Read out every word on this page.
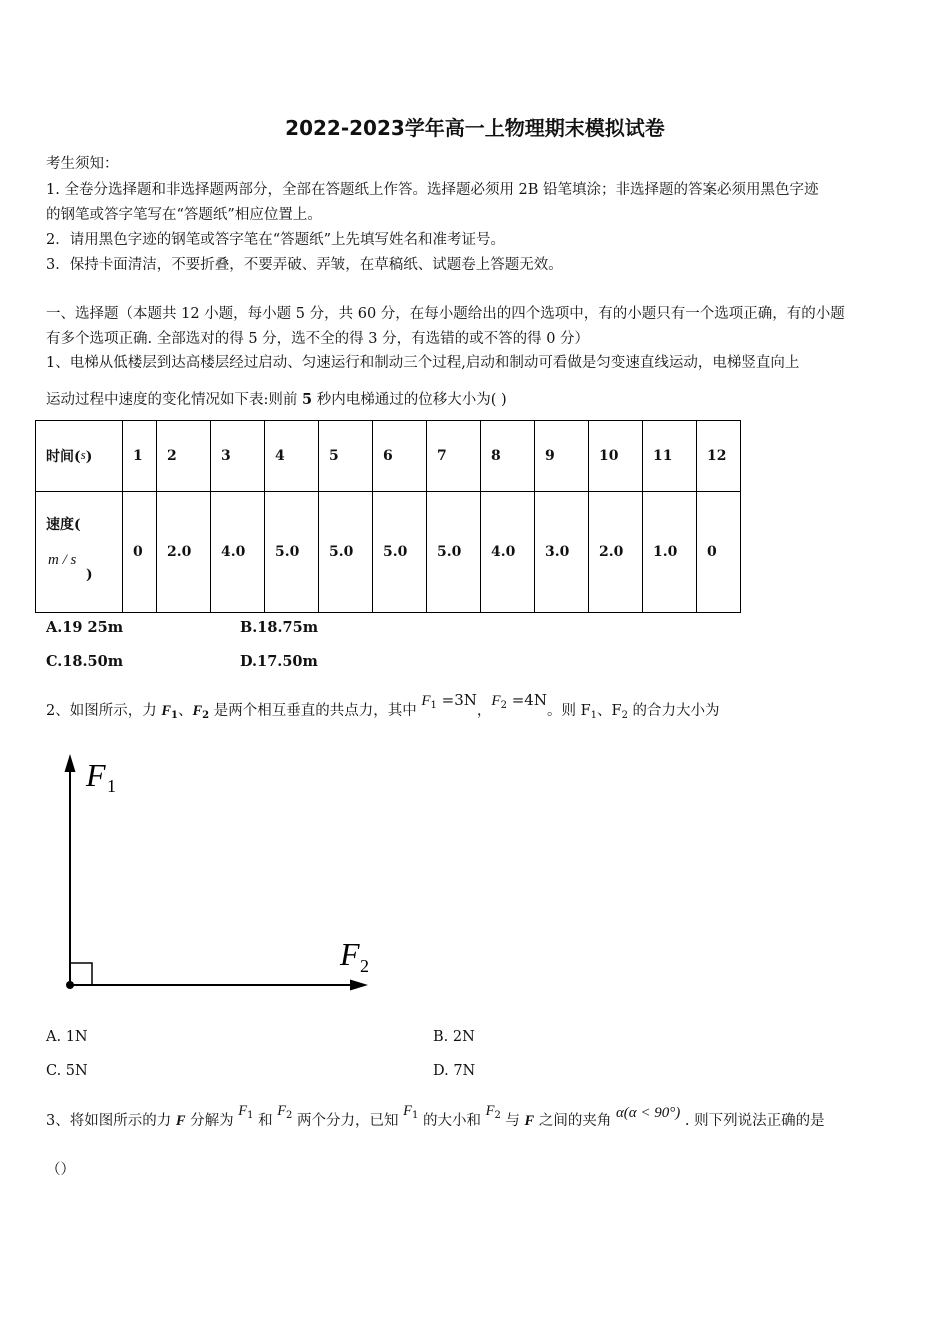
2022-2023学年高一上物理期末模拟试卷
考生须知：
1. 全卷分选择题和非选择题两部分，全部在答题纸上作答。选择题必须用 2B 铅笔填涂；非选择题的答案必须用黑色字迹
的钢笔或答字笔写在“答题纸”相应位置上。
2．请用黑色字迹的钢笔或答字笔在“答题纸”上先填写姓名和准考证号。
3．保持卡面清洁，不要折叠，不要弄破、弄皱，在草稿纸、试题卷上答题无效。
一、选择题（本题共 12 小题，每小题 5 分，共 60 分，在每小题给出的四个选项中，有的小题只有一个选项正确，有的小题
有多个选项正确. 全部选对的得 5 分，选不全的得 3 分，有选错的或不答的得 0 分）
1、电梯从低楼层到达高楼层经过启动、匀速运行和制动三个过程,启动和制动可看做是匀变速直线运动，电梯竖直向上
运动过程中速度的变化情况如下表:则前 5 秒内电梯通过的位移大小为( )
时间(s)	1	2	3	4	5	6	7	8	9	10	11	12

速度(
m / s
)	0	2.0	4.0	5.0	5.0	5.0	5.0	4.0	3.0	2.0	1.0	0
A.19 25m	B.18.75m
C.18.50m	D.17.50m
2、如图所示，力 $F_1$、$F_2$ 是两个相互垂直的共点力，其中 $F_1 =3N$，$F_2 =4N$。则 $F_1$、$F_2$ 的合力大小为
F 1
F 2
A. 1N	B. 2N
C. 5N	D. 7N
3、将如图所示的力 F 分解为 $F_1$ 和 $F_2$ 两个分力，已知 $F_1$ 的大小和 $F_2$ 与 F 之间的夹角 α(α < 90°) . 则下列说法正确的是
（）
